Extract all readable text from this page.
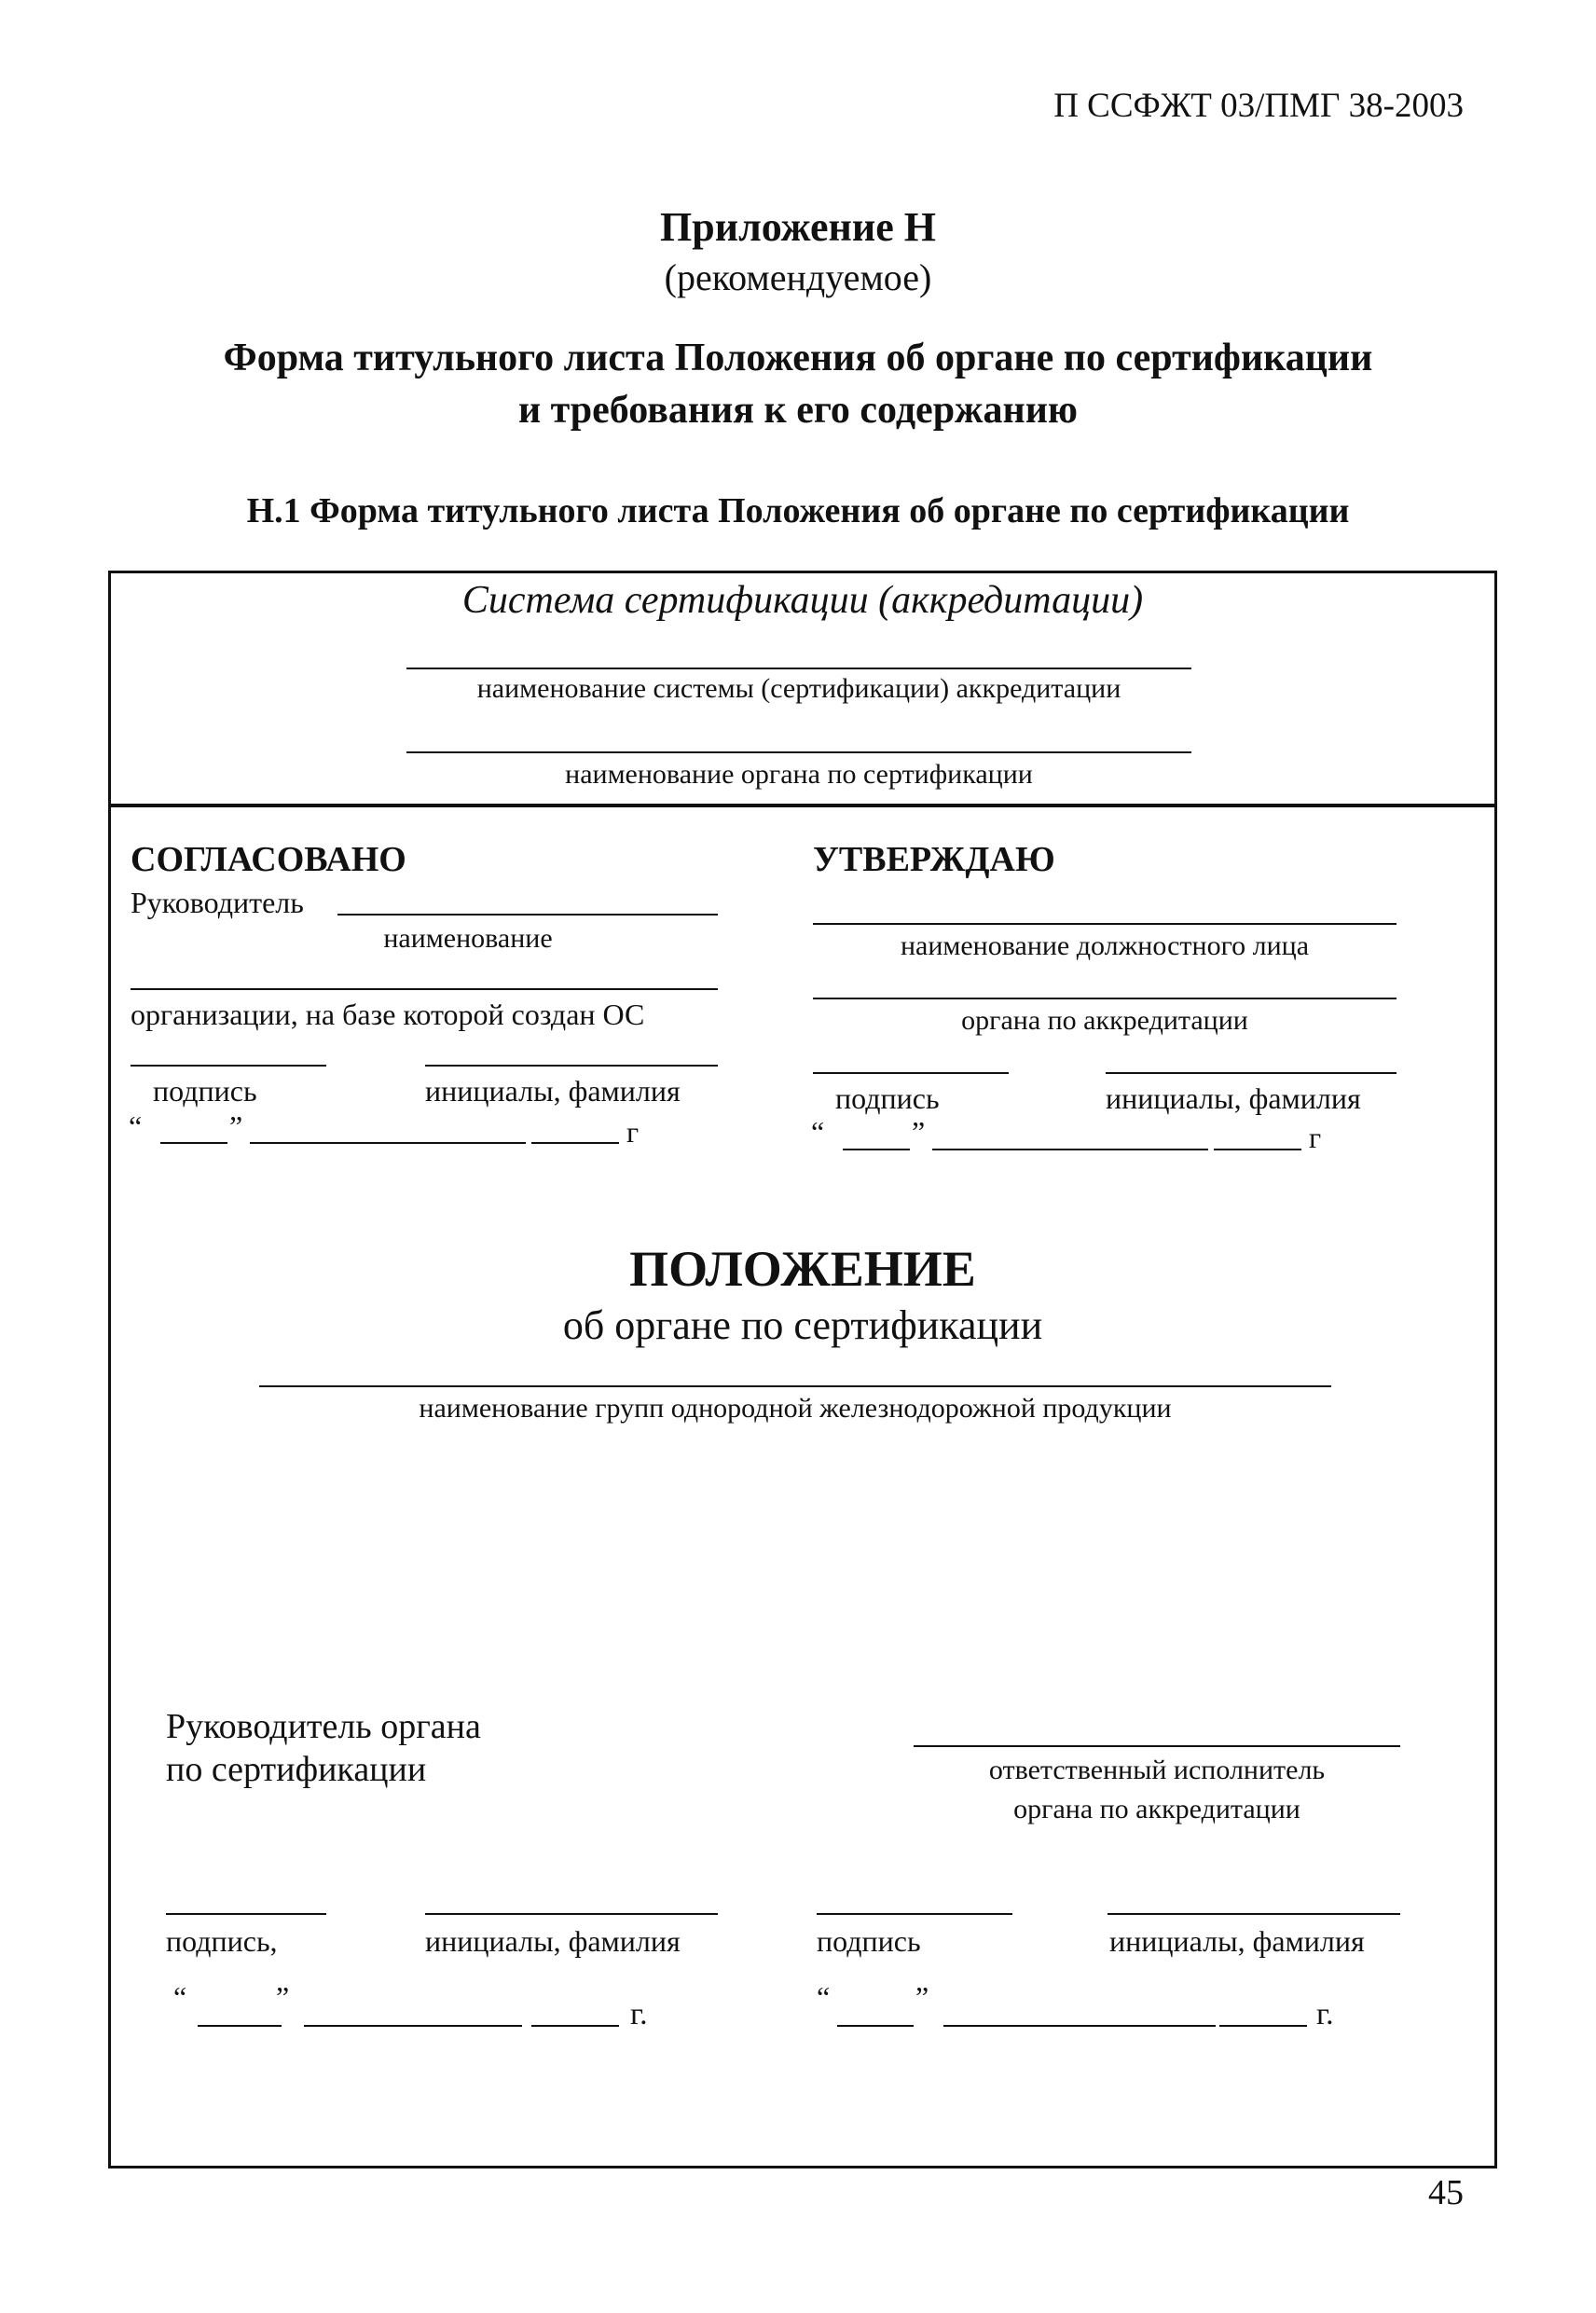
П ССФЖТ 03/ПМГ 38-2003
Приложение Н
(рекомендуемое)
Форма титульного листа Положения об органе по сертификации
и требования к его содержанию
Н.1 Форма титульного листа Положения об органе по сертификации
Система сертификации (аккредитации)
наименование системы (сертификации) аккредитации
наименование органа по сертификации
СОГЛАСОВАНО
Руководитель
наименование
организации, на базе которой создан ОС
подпись	инициалы, фамилия
“	”	г
УТВЕРЖДАЮ
наименование должностного лица
органа по аккредитации
подпись	инициалы, фамилия
“	”	г
ПОЛОЖЕНИЕ
об органе по сертификации
наименование групп однородной железнодорожной продукции
Руководитель органа
по сертификации	ответственный исполнитель
органа по аккредитации
подпись,	инициалы, фамилия	подпись	инициалы, фамилия
“	”	г.	“	”	г.
45
